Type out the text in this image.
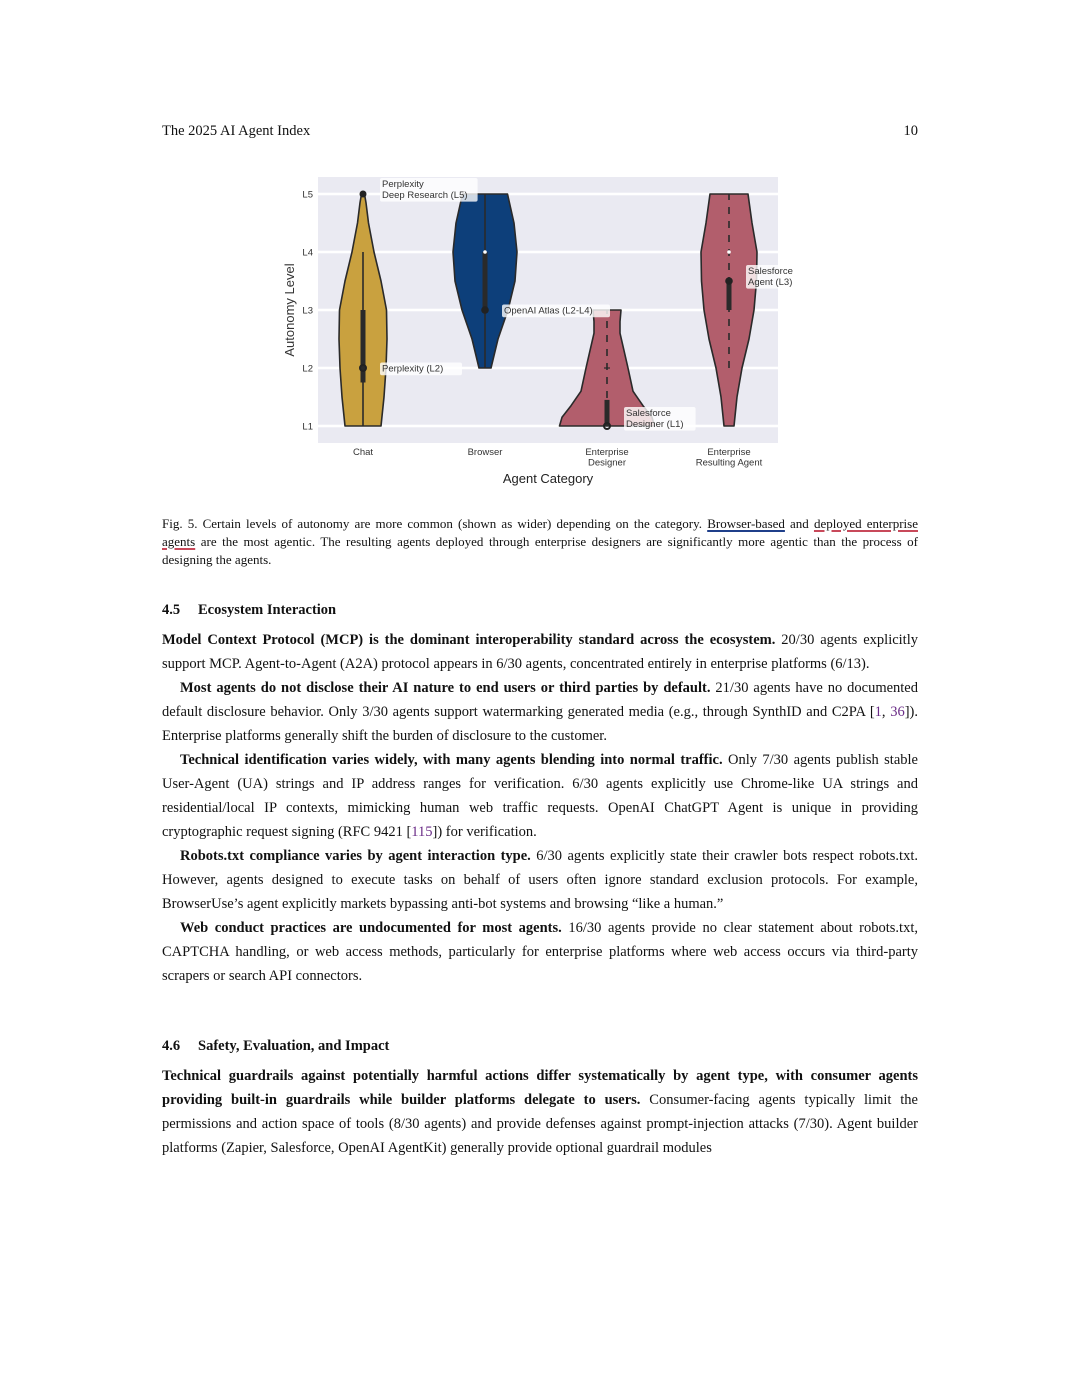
The 2025 AI Agent Index	10
L1
L2
L3
L4
L5
Autonomy Level
Agent Category
Chat	Browser	Enterprise
Designer
Enterprise
Resulting Agent
Perplexity
Deep Research (L5)
Perplexity (L2)
OpenAI Atlas (L2-L4)
Salesforce
Designer (L1)
Salesforce
Agent (L3)
Fig. 5. Certain levels of autonomy are more common (shown as wider) depending on the category. Browser-based and deployed enterprise agents are the most agentic. The resulting agents deployed through enterprise designers are significantly more agentic than the process of designing the agents.
4.5 Ecosystem Interaction

Model Context Protocol (MCP) is the dominant interoperability standard across the ecosystem. 20/30 agents explicitly support MCP. Agent-to-Agent (A2A) protocol appears in 6/30 agents, concentrated entirely in enterprise platforms (6/13).

Most agents do not disclose their AI nature to end users or third parties by default. 21/30 agents have no documented default disclosure behavior. Only 3/30 agents support watermarking generated media (e.g., through SynthID and C2PA [1, 36]). Enterprise platforms generally shift the burden of disclosure to the customer.

Technical identification varies widely, with many agents blending into normal traffic. Only 7/30 agents publish stable User-Agent (UA) strings and IP address ranges for verification. 6/30 agents explicitly use Chrome-like UA strings and residential/local IP contexts, mimicking human web traffic requests. OpenAI ChatGPT Agent is unique in providing cryptographic request signing (RFC 9421 [115]) for verification.

Robots.txt compliance varies by agent interaction type. 6/30 agents explicitly state their crawler bots respect robots.txt. However, agents designed to execute tasks on behalf of users often ignore standard exclusion protocols. For example, BrowserUse’s agent explicitly markets bypassing anti-bot systems and browsing “like a human.”

Web conduct practices are undocumented for most agents. 16/30 agents provide no clear statement about robots.txt, CAPTCHA handling, or web access methods, particularly for enterprise platforms where web access occurs via third-party scrapers or search API connectors.

4.6 Safety, Evaluation, and Impact

Technical guardrails against potentially harmful actions differ systematically by agent type, with consumer agents providing built-in guardrails while builder platforms delegate to users. Consumer-facing agents typically limit the permissions and action space of tools (8/30 agents) and provide defenses against prompt-injection attacks (7/30). Agent builder platforms (Zapier, Salesforce, OpenAI AgentKit) generally provide optional guardrail modules
